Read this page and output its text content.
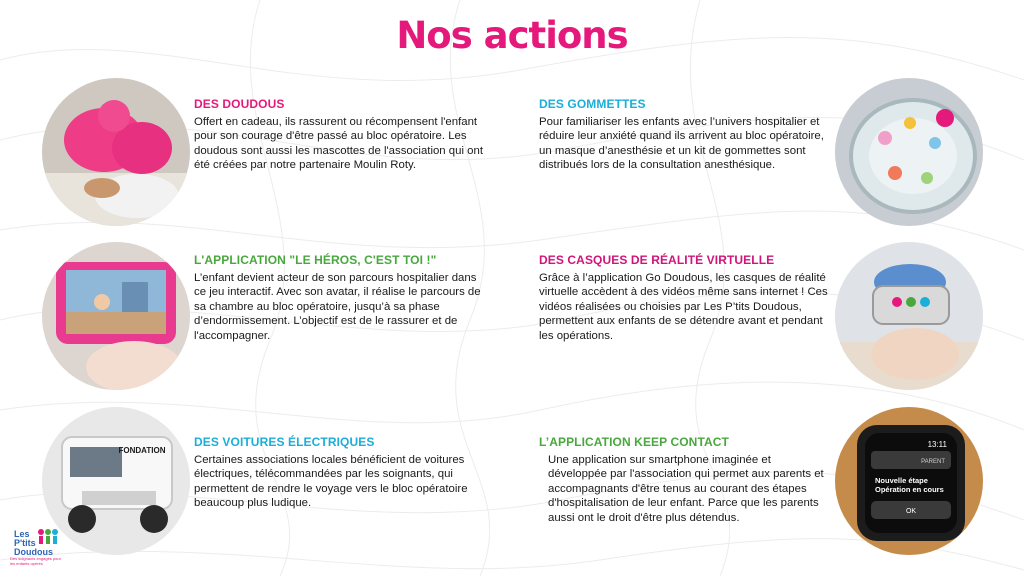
Nos actions
FONDATION
13:11
PARENT
Nouvelle étape Opération en cours
OK
DES DOUDOUS

Offert en cadeau, ils rassurent ou récompensent l'enfant pour son courage d'être passé au bloc opératoire. Les doudous sont aussi les mascottes de l'association qui ont été créées par notre partenaire Moulin Roty.

DES GOMMETTES

Pour familiariser les enfants avec l’univers hospitalier et réduire leur anxiété quand ils arrivent au bloc opératoire, un masque d’anesthésie et un kit de gommettes sont distribués lors de la consultation anesthésique.

L'APPLICATION "LE HÉROS, C'EST TOI !"

L’enfant devient acteur de son parcours hospitalier dans ce jeu interactif. Avec son avatar, il réalise le parcours de sa chambre au bloc opératoire, jusqu’à sa phase d’endormissement. L’objectif est de le rassurer et de l'accompagner.

DES CASQUES DE RÉALITÉ VIRTUELLE

Grâce à l’application Go Doudous, les casques de réalité virtuelle accèdent à des vidéos même sans internet ! Ces vidéos réalisées ou choisies par Les P’tits Doudous, permettent aux enfants de se détendre avant et pendant les opérations.

DES VOITURES ÉLECTRIQUES

Certaines associations locales bénéficient de voitures électriques, télécommandées par les soignants, qui permettent de rendre le voyage vers le bloc opératoire beaucoup plus ludique.

L’APPLICATION KEEP CONTACT

Une application sur smartphone imaginée et développée par l'association qui permet aux parents et accompagnants d'être tenus au courant des étapes d'hospitalisation de leur enfant. Parce que les parents aussi ont le droit d'être plus détendus.

Les P'tits Doudous
Des soignants engagés pour les enfants opérés
